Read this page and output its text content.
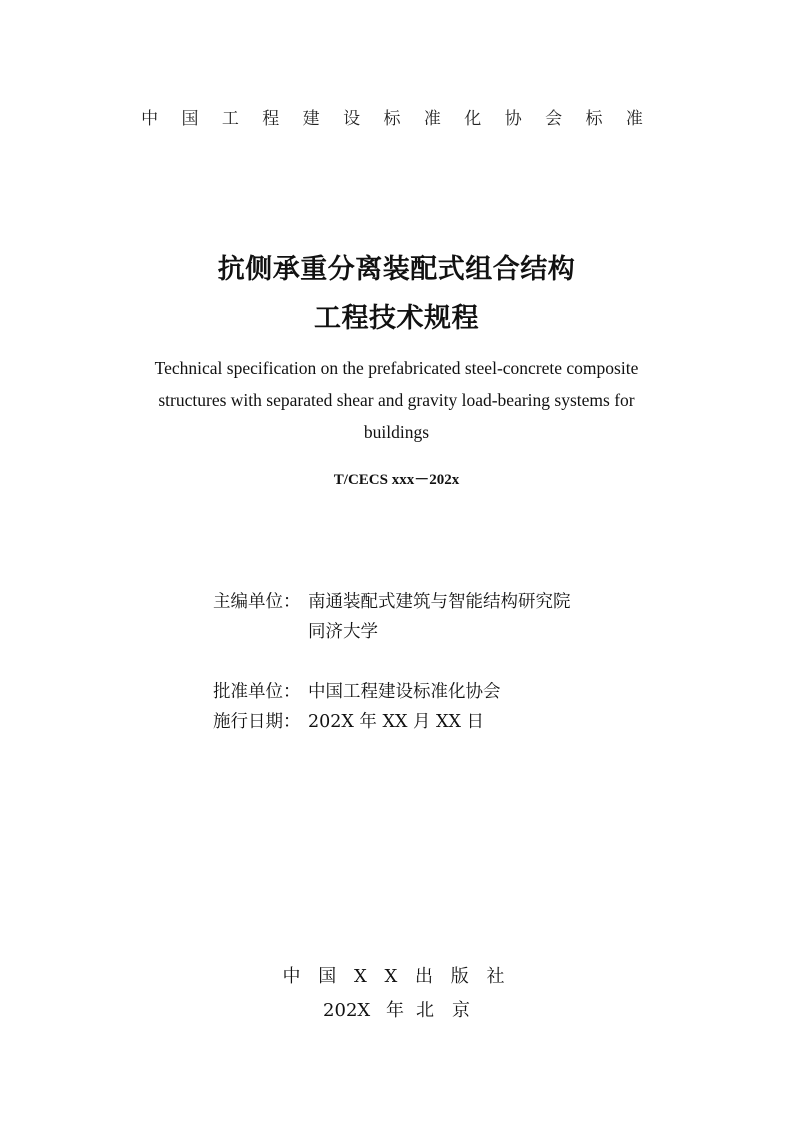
中 国 工 程 建 设 标 准 化 协 会 标 准
抗侧承重分离装配式组合结构
工程技术规程
Technical specification on the prefabricated steel-concrete composite structures with separated shear and gravity load-bearing systems for buildings
T/CECS xxx－202x
主编单位： 南通装配式建筑与智能结构研究院
同济大学
批准单位： 中国工程建设标准化协会
施行日期： 202X 年 XX 月 XX 日
中 国 X X 出 版 社
202X 年 北　京
